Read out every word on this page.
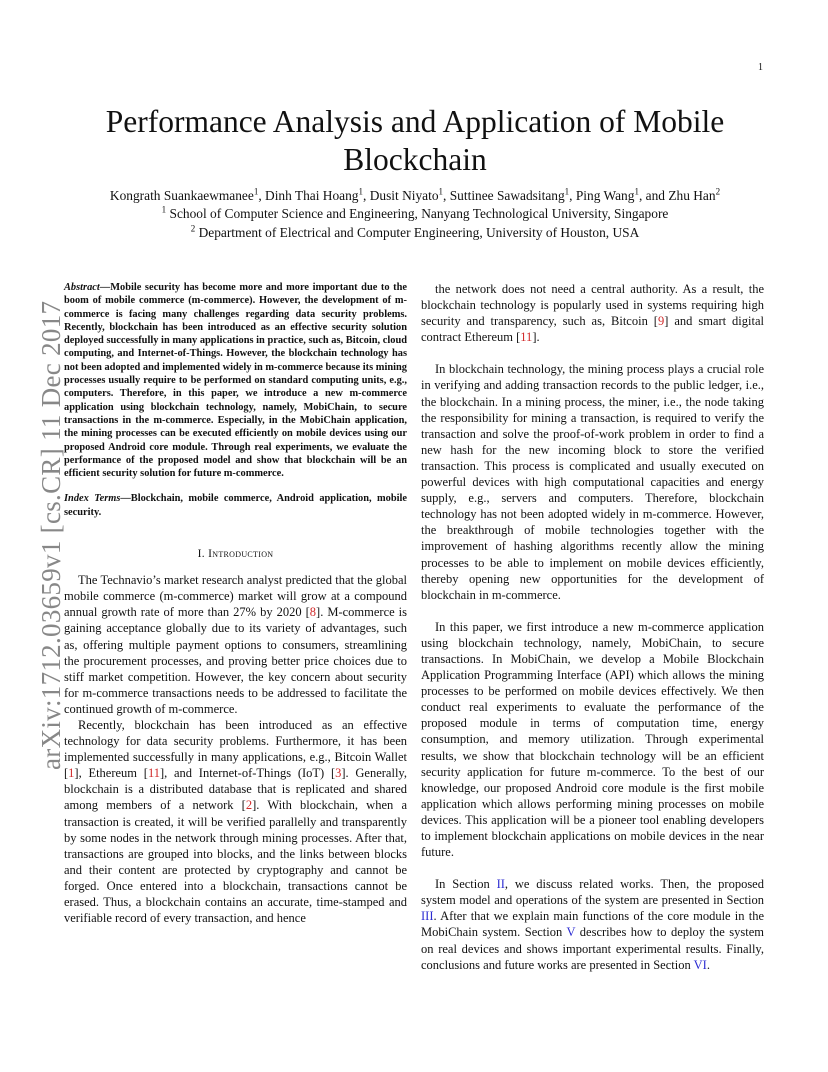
1
arXiv:1712.03659v1 [cs.CR] 11 Dec 2017
Performance Analysis and Application of Mobile Blockchain
Kongrath Suankaewmanee$^1$, Dinh Thai Hoang$^1$, Dusit Niyato$^1$, Suttinee Sawadsitang$^1$, Ping Wang$^1$, and Zhu Han$^2$
$^1$ School of Computer Science and Engineering, Nanyang Technological University, Singapore
$^2$ Department of Electrical and Computer Engineering, University of Houston, USA

Abstract—Mobile security has become more and more important due to the boom of mobile commerce (m-commerce). However, the development of m-commerce is facing many challenges regarding data security problems. Recently, blockchain has been introduced as an effective security solution deployed successfully in many applications in practice, such as, Bitcoin, cloud computing, and Internet-of-Things. However, the blockchain technology has not been adopted and implemented widely in m-commerce because its mining processes usually require to be performed on standard computing units, e.g., computers. Therefore, in this paper, we introduce a new m-commerce application using blockchain technology, namely, MobiChain, to secure transactions in the m-commerce. Especially, in the MobiChain application, the mining processes can be executed efficiently on mobile devices using our proposed Android core module. Through real experiments, we evaluate the performance of the proposed model and show that blockchain will be an efficient security solution for future m-commerce.

Index Terms—Blockchain, mobile commerce, Android application, mobile security.

I. Introduction

The Technavio’s market research analyst predicted that the global mobile commerce (m-commerce) market will grow at a compound annual growth rate of more than 27% by 2020 [8]. M-commerce is gaining acceptance globally due to its variety of advantages, such as, offering multiple payment options to consumers, streamlining the procurement processes, and proving better price choices due to stiff market competition. However, the key concern about security for m-commerce transactions needs to be addressed to facilitate the continued growth of m-commerce.

Recently, blockchain has been introduced as an effective technology for data security problems. Furthermore, it has been implemented successfully in many applications, e.g., Bitcoin Wallet [1], Ethereum [11], and Internet-of-Things (IoT) [3]. Generally, blockchain is a distributed database that is replicated and shared among members of a network [2]. With blockchain, when a transaction is created, it will be verified parallelly and transparently by some nodes in the network through mining processes. After that, transactions are grouped into blocks, and the links between blocks and their content are protected by cryptography and cannot be forged. Once entered into a blockchain, transactions cannot be erased. Thus, a blockchain contains an accurate, time-stamped and verifiable record of every transaction, and hence

the network does not need a central authority. As a result, the blockchain technology is popularly used in systems requiring high security and transparency, such as, Bitcoin [9] and smart digital contract Ethereum [11].

In blockchain technology, the mining process plays a crucial role in verifying and adding transaction records to the public ledger, i.e., the blockchain. In a mining process, the miner, i.e., the node taking the responsibility for mining a transaction, is required to verify the transaction and solve the proof-of-work problem in order to find a new hash for the new incoming block to store the verified transaction. This process is complicated and usually executed on powerful devices with high computational capacities and energy supply, e.g., servers and computers. Therefore, blockchain technology has not been adopted widely in m-commerce. However, the breakthrough of mobile technologies together with the improvement of hashing algorithms recently allow the mining processes to be able to implement on mobile devices efficiently, thereby opening new opportunities for the development of blockchain in m-commerce.

In this paper, we first introduce a new m-commerce application using blockchain technology, namely, MobiChain, to secure transactions. In MobiChain, we develop a Mobile Blockchain Application Programming Interface (API) which allows the mining processes to be performed on mobile devices effectively. We then conduct real experiments to evaluate the performance of the proposed module in terms of computation time, energy consumption, and memory utilization. Through experimental results, we show that blockchain technology will be an efficient security application for future m-commerce. To the best of our knowledge, our proposed Android core module is the first mobile application which allows performing mining processes on mobile devices. This application will be a pioneer tool enabling developers to implement blockchain applications on mobile devices in the near future.

In Section II, we discuss related works. Then, the proposed system model and operations of the system are presented in Section III. After that we explain main functions of the core module in the MobiChain system. Section V describes how to deploy the system on real devices and shows important experimental results. Finally, conclusions and future works are presented in Section VI.
